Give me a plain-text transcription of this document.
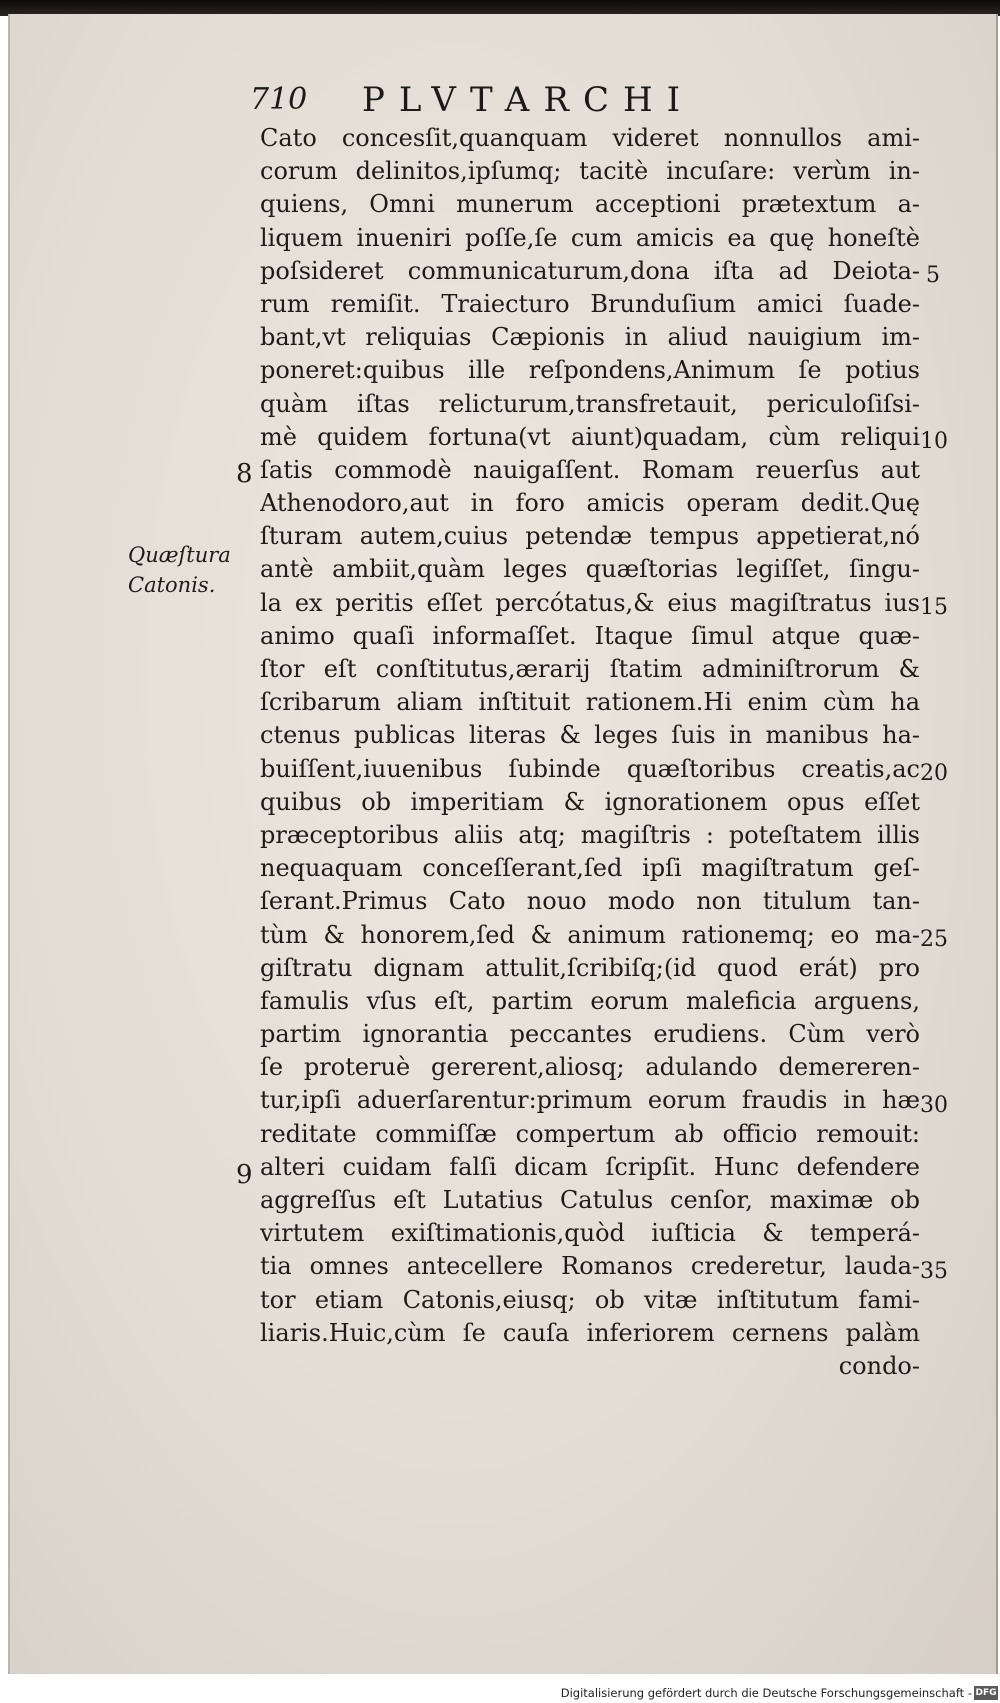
710 PLVTARCHI
Quæſtura
Catonis.
Cato concesſit,quanquam videret nonnullos ami-
corum delinitos,ipſumq; tacitè incuſare: verùm in-
quiens, Omni munerum acceptioni prætextum a-
liquem inueniri poſſe,ſe cum amicis ea quę honeſtè
poſsideret communicaturum,dona iſta ad Deiota-
rum remiſit. Traiecturo Brunduſium amici ſuade-
bant,vt reliquias Cæpionis in aliud nauigium im-
poneret:quibus ille reſpondens,Animum ſe potius
quàm iſtas relicturum,transfretauit, periculoſiſsi-
mè quidem fortuna(vt aiunt)quadam, cùm reliqui
ſatis commodè nauigaſſent. Romam reuerſus aut
Athenodoro,aut in foro amicis operam dedit.Quę
ſturam autem,cuius petendæ tempus appetierat,nó
antè ambiit,quàm leges quæſtorias legiſſet, ſingu-
la ex peritis eſſet percótatus,& eius magiſtratus ius
animo quaſi informaſſet. Itaque ſimul atque quæ-
ſtor eſt conſtitutus,ærarij ſtatim adminiſtrorum &
ſcribarum aliam inſtituit rationem.Hi enim cùm ha
ctenus publicas literas & leges ſuis in manibus ha-
buiſſent,iuuenibus ſubinde quæſtoribus creatis,ac
quibus ob imperitiam & ignorationem opus eſſet
præceptoribus aliis atq; magiſtris : poteſtatem illis
nequaquam conceſſerant,ſed ipſi magiſtratum geſ-
ſerant.Primus Cato nouo modo non titulum tan-
tùm & honorem,ſed & animum rationemq; eo ma-
giſtratu dignam attulit,ſcribiſq;(id quod erát) pro
famulis vſus eſt, partim eorum maleficia arguens,
partim ignorantia peccantes erudiens. Cùm verò
ſe proteruè gererent,aliosq; adulando demereren-
tur,ipſi aduerſarentur:primum eorum fraudis in hæ
reditate commiſſæ compertum ab officio remouit:
alteri cuidam falſi dicam ſcripſit. Hunc defendere
aggreſſus eſt Lutatius Catulus cenſor, maximæ ob
virtutem exiſtimationis,quòd iuſticia & temperá-
tia omnes antecellere Romanos crederetur, lauda-
tor etiam Catonis,eiusq; ob vitæ inſtitutum fami-
liaris.Huic,cùm ſe cauſa inferiorem cernens palàm
condo-
5
10
15
20
25
30
35
8
9
Digitalisierung gefördert durch die Deutsche Forschungsgemeinschaft - DFG
